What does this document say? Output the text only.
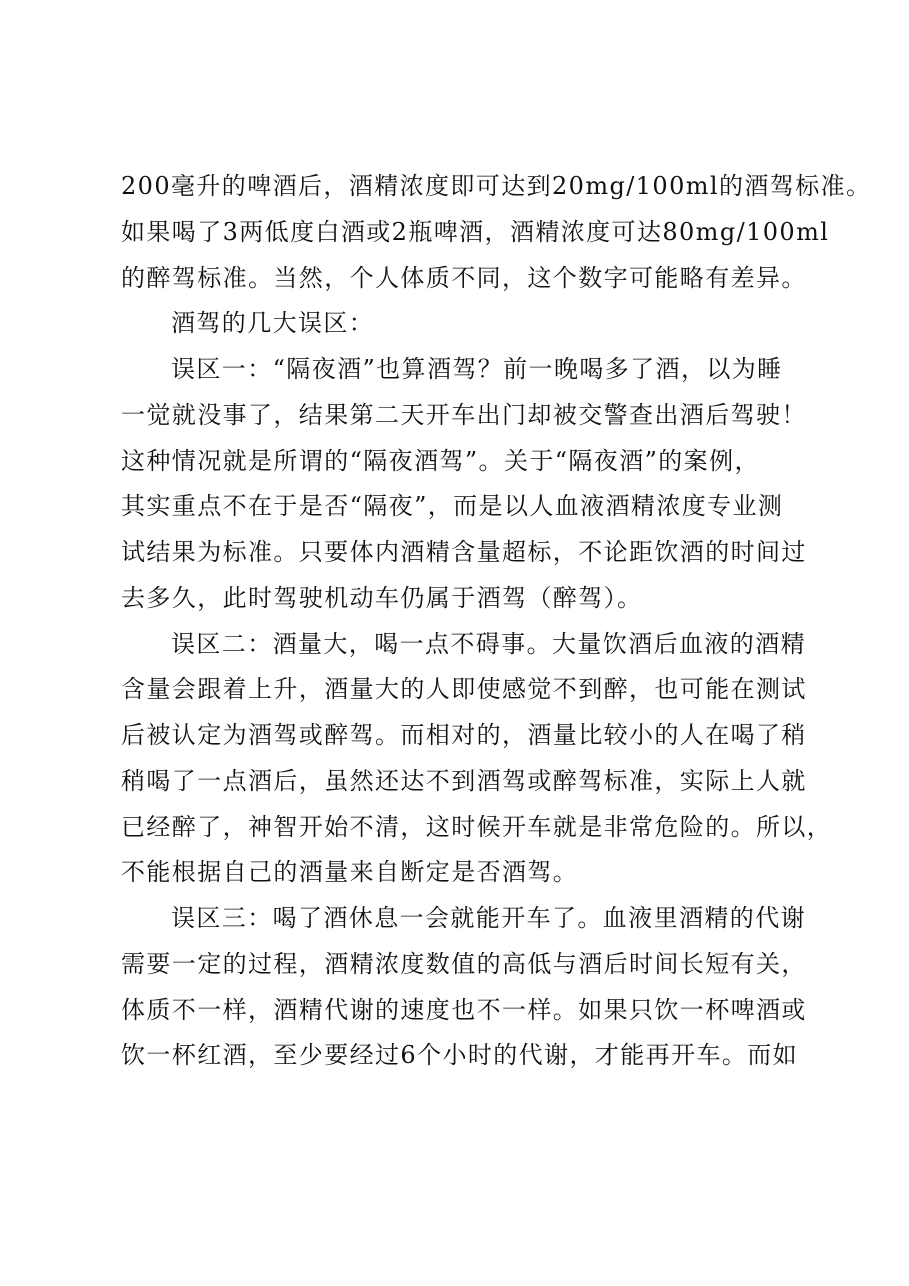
200毫升的啤酒后，酒精浓度即可达到20mg/100ml的酒驾标准。
如果喝了3两低度白酒或2瓶啤酒，酒精浓度可达80mg/100ml
的醉驾标准。当然，个人体质不同，这个数字可能略有差异。
酒驾的几大误区：
误区一：“隔夜酒”也算酒驾？前一晚喝多了酒，以为睡
一觉就没事了，结果第二天开车出门却被交警查出酒后驾驶！
这种情况就是所谓的“隔夜酒驾”。关于“隔夜酒”的案例，
其实重点不在于是否“隔夜”，而是以人血液酒精浓度专业测
试结果为标准。只要体内酒精含量超标，不论距饮酒的时间过
去多久，此时驾驶机动车仍属于酒驾（醉驾）。
误区二：酒量大，喝一点不碍事。大量饮酒后血液的酒精
含量会跟着上升，酒量大的人即使感觉不到醉，也可能在测试
后被认定为酒驾或醉驾。而相对的，酒量比较小的人在喝了稍
稍喝了一点酒后，虽然还达不到酒驾或醉驾标准，实际上人就
已经醉了，神智开始不清，这时候开车就是非常危险的。所以，
不能根据自己的酒量来自断定是否酒驾。
误区三：喝了酒休息一会就能开车了。血液里酒精的代谢
需要一定的过程，酒精浓度数值的高低与酒后时间长短有关，
体质不一样，酒精代谢的速度也不一样。如果只饮一杯啤酒或
饮一杯红酒，至少要经过6个小时的代谢，才能再开车。而如
